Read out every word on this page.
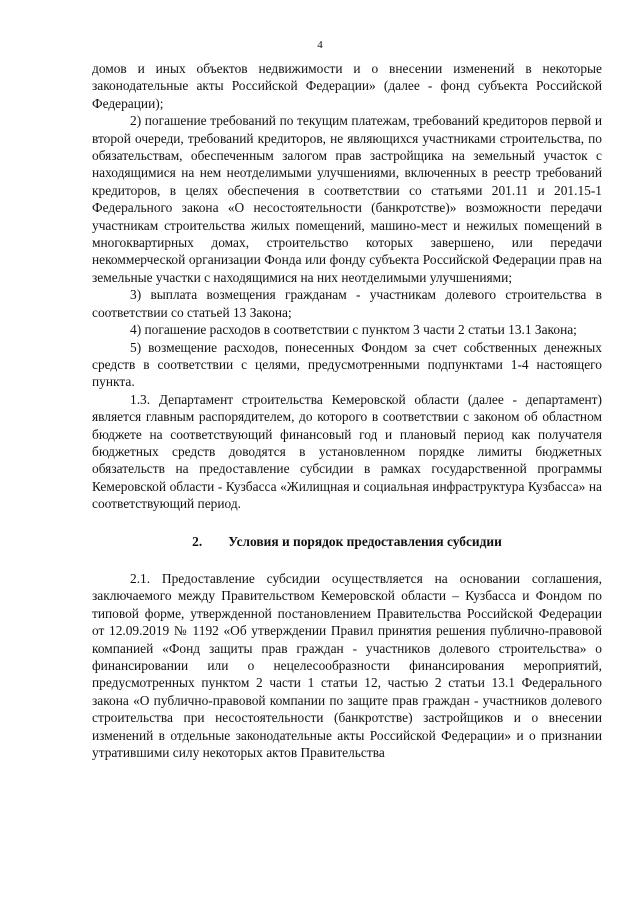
4

домов и иных объектов недвижимости и о внесении изменений в некоторые законодательные акты Российской Федерации» (далее - фонд субъекта Российской Федерации);

2) погашение требований по текущим платежам, требований кредиторов первой и второй очереди, требований кредиторов, не являющихся участниками строительства, по обязательствам, обеспеченным залогом прав застройщика на земельный участок с находящимися на нем неотделимыми улучшениями, включенных в реестр требований кредиторов, в целях обеспечения в соответствии со статьями 201.11 и 201.15-1 Федерального закона «О несостоятельности (банкротстве)» возможности передачи участникам строительства жилых помещений, машино-мест и нежилых помещений в многоквартирных домах, строительство которых завершено, или передачи некоммерческой организации Фонда или фонду субъекта Российской Федерации прав на земельные участки с находящимися на них неотделимыми улучшениями;

3) выплата возмещения гражданам - участникам долевого строительства в соответствии со статьей 13 Закона;

4) погашение расходов в соответствии с пунктом 3 части 2 статьи 13.1 Закона;

5) возмещение расходов, понесенных Фондом за счет собственных денежных средств в соответствии с целями, предусмотренными подпунктами 1-4 настоящего пункта.

1.3. Департамент строительства Кемеровской области (далее - департамент) является главным распорядителем, до которого в соответствии с законом об областном бюджете на соответствующий финансовый год и плановый период как получателя бюджетных средств доводятся в установленном порядке лимиты бюджетных обязательств на предоставление субсидии в рамках государственной программы Кемеровской области - Кузбасса «Жилищная и социальная инфраструктура Кузбасса» на соответствующий период.

2. Условия и порядок предоставления субсидии

2.1. Предоставление субсидии осуществляется на основании соглашения, заключаемого между Правительством Кемеровской области – Кузбасса и Фондом по типовой форме, утвержденной постановлением Правительства Российской Федерации от 12.09.2019 № 1192 «Об утверждении Правил принятия решения публично-правовой компанией «Фонд защиты прав граждан - участников долевого строительства» о финансировании или о нецелесообразности финансирования мероприятий, предусмотренных пунктом 2 части 1 статьи 12, частью 2 статьи 13.1 Федерального закона «О публично-правовой компании по защите прав граждан - участников долевого строительства при несостоятельности (банкротстве) застройщиков и о внесении изменений в отдельные законодательные акты Российской Федерации» и о признании утратившими силу некоторых актов Правительства
